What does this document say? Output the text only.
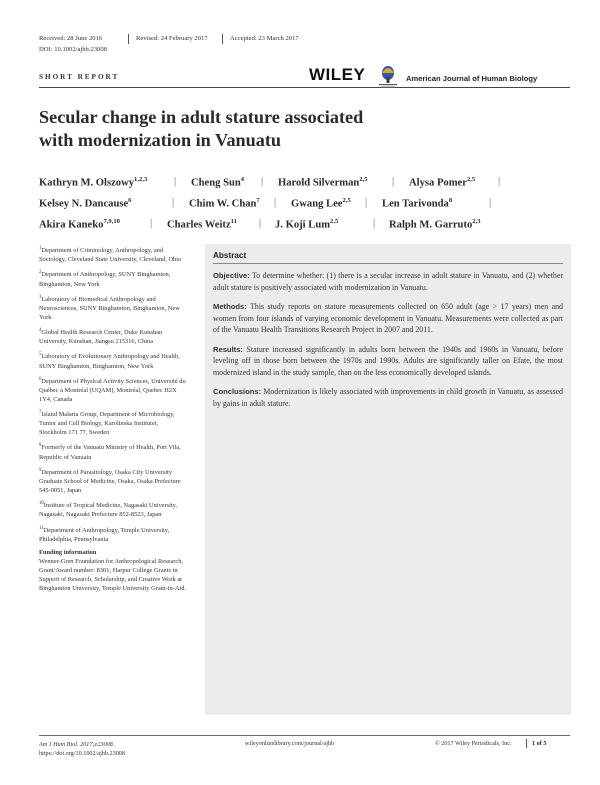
Received: 28 June 2016	Revised: 24 February 2017	Accepted: 23 March 2017
DOI: 10.1002/ajhb.23008
SHORT REPORT	WILEY	American Journal of Human Biology
Secular change in adult stature associated with modernization in Vanuatu
Kathryn M. Olszowy$^{1,2,3}$	| Cheng Sun$^4$ | Harold Silverman$^{2,5}$ | Alysa Pomer$^{2,5}$ |
Kelsey N. Dancause$^6$	| Chim W. Chan$^7$ | Gwang Lee$^{2,5}$ | Len Tarivonda$^8$	|
Akira Kaneko$^{7,9,10}$	| Charles Weitz$^{11}$ | J. Koji Lum$^{2,5}$	| Ralph M. Garruto$^{2,3}$
$^1$Department of Criminology, Anthropology, and Sociology, Cleveland State University, Cleveland, Ohio
$^2$Department of Anthropology, SUNY Binghamton, Binghamton, New York
$^3$Laboratory of Biomedical Anthropology and Neurosciences, SUNY Binghamton, Binghamton, New York
$^4$Global Health Research Center, Duke Kunshan University, Kunshan, Jiangsu 215316, China
$^5$Laboratory of Evolutionary Anthropology and Health, SUNY Binghamton, Binghamton, New York
$^6$Department of Physical Activity Sciences, Université du Québec à Montréal (UQAM), Montréal, Quebec H2X 1Y4, Canada
$^7$Island Malaria Group, Department of Microbiology, Tumor and Cell Biology, Karolinska Institutet, Stockholm 171 77, Sweden
$^8$Formerly of the Vanuatu Ministry of Health, Port Vila, Republic of Vanuatu
$^9$Department of Parasitology, Osaka City University Graduate School of Medicine, Osaka, Osaka Prefecture 545-0051, Japan
$^{10}$Institute of Tropical Medicine, Nagasaki University, Nagasaki, Nagasaki Prefecture 852-8523, Japan
$^{11}$Department of Anthropology, Temple University, Philadelphia, Pennsylvania
Funding information
Wenner-Gren Foundation for Anthropological Research, Grant/Award number: 8301; Harpur College Grants in Support of Research, Scholarship, and Creative Work at Binghamton University, Temple University Grant-in-Aid.
Abstract

Objective: To determine whether: (1) there is a secular increase in adult stature in Vanuatu, and (2) whether adult stature is positively associated with modernization in Vanuatu.

Methods: This study reports on stature measurements collected on 650 adult (age > 17 years) men and women from four islands of varying economic development in Vanuatu. Measurements were collected as part of the Vanuatu Health Transitions Research Project in 2007 and 2011.

Results: Stature increased significantly in adults born between the 1940s and 1960s in Vanuatu, before leveling off in those born between the 1970s and 1990s. Adults are significantly taller on Efate, the most modernized island in the study sample, than on the less economically developed islands.

Conclusions: Modernization is likely associated with improvements in child growth in Vanuatu, as assessed by gains in adult stature.

Am J Hum Biol. 2017;e23008.
https://doi.org/10.1002/ajhb.23008
wileyonlinelibrary.com/journal/ajhb	© 2017 Wiley Periodicals, Inc.	1 of 5
